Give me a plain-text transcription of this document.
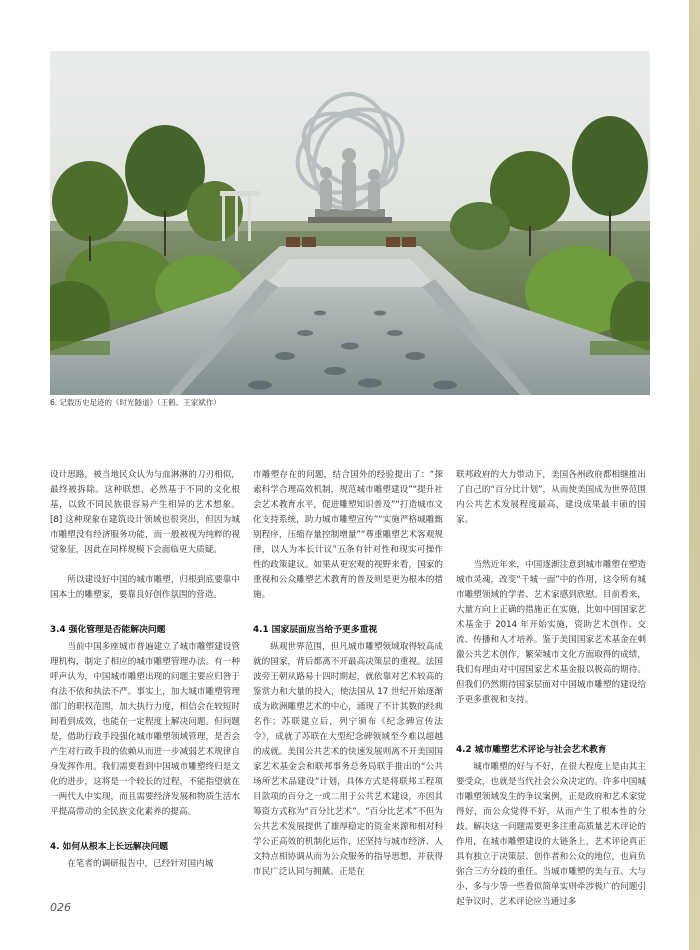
6. 记载历史足迹的《时光隧道》（王鹤、王家斌作）

设计思路，被当地民众认为与血淋淋的刀刃相似，最终被拆除。这种联想，必然基于不同的文化根基，以致不同民族很容易产生相异的艺术想象。[8] 这种现象在建筑设计领域也很突出，但因为城市雕塑没有经济服务功能，而一般被视为纯粹的视觉象征，因此在同样规模下会面临更大质疑。

所以建设好中国的城市雕塑，归根到底要靠中国本土的雕塑家，要靠良好创作氛围的营造。

3.4 强化管理是否能解决问题

当前中国多座城市普遍建立了城市雕塑建设管理机构，制定了相应的城市雕塑管理办法。有一种呼声认为，中国城市雕塑出现的问题主要应归咎于有法不依和执法不严。事实上，加大城市雕塑管理部门的职权范围，加大执行力度，相信会在较短时间看到成效，也能在一定程度上解决问题。但问题是，借助行政手段强化城市雕塑领域管理，是否会产生对行政手段的依赖从而进一步减弱艺术规律自身发挥作用。我们需要看到中国城市雕塑终归是文化的进步，这将是一个较长的过程，不能指望就在一两代人中实现，而且需要经济发展和物质生活水平提高带动的全民族文化素养的提高。

4. 如何从根本上长远解决问题

在笔者的调研报告中，已经针对国内城

市雕塑存在的问题，结合国外的经验提出了：“探索科学合理高效机制，规范城市雕塑建设”“提升社会艺术教育水平，促进雕塑知识普及”“打造城市文化支持系统，助力城市雕塑宣传”“实施严格城雕甄别程序，压缩存量控制增量”“尊重雕塑艺术客观规律，以人为本长计议”五条有针对性和现实可操作性的政策建议。如果从更宏观的视野来看，国家的重视和公众雕塑艺术教育的普及则是更为根本的措施。

4.1 国家层面应当给予更多重视

纵观世界范围，但凡城市雕塑领域取得较高成就的国家，背后都离不开最高决策层的重视。法国波旁王朝从路易十四时期起，就依靠对艺术较高的鉴赏力和大量的投入，使法国从 17 世纪开始逐渐成为欧洲雕塑艺术的中心，涌现了不计其数的经典名作；苏联建立后，列宁颁布《纪念碑宣传法令》，成就了苏联在大型纪念碑领域至今难以超越的成就。美国公共艺术的快速发展则离不开美国国家艺术基金会和联邦事务总务局联手推出的“公共场所艺术品建设”计划，具体方式是将联邦工程项目款项的百分之一或二用于公共艺术建设，亦因其筹资方式称为“百分比艺术”。“百分比艺术”不但为公共艺术发展提供了雄厚稳定的资金来源和相对科学公正高效的机制化运作，还坚持与城市经济、人文特点相协调从而为公众服务的指导思想，并获得市民广泛认同与拥戴。正是在

联邦政府的大力带动下，美国各州政府都相继推出了自己的“百分比计划”，从而使美国成为世界范围内公共艺术发展程度最高，建设成果最丰硕的国家。

当然近年来，中国逐渐注意到城市雕塑在塑造城市灵魂，改变“千城一面”中的作用，这令所有城市雕塑领域的学者、艺术家感到欣慰。目前看来，大量方向上正确的措施正在实施，比如中国国家艺术基金于 2014 年开始实施，资助艺术创作、交流、传播和人才培养。鉴于美国国家艺术基金在刺激公共艺术创作，繁荣城市文化方面取得的成绩，我们有理由对中国国家艺术基金报以极高的期待。但我们仍然期待国家层面对中国城市雕塑的建设给予更多重视和支持。

4.2 城市雕塑艺术评论与社会艺术教育

城市雕塑的好与不好，在很大程度上是由其主要受众，也就是当代社会公众决定的。许多中国城市雕塑领域发生的争议案例，正是政府和艺术家觉得好，而公众觉得不好，从而产生了根本性的分歧。解决这一问题需要更多注重高质量艺术评论的作用，在城市雕塑建设的大链条上，艺术评论真正具有独立于决策层、创作者和公众的地位，也肩负弥合三方分歧的重任。当城市雕塑的美与丑、大与小、多与少等一些看似简单实则牵涉极广的问题引起争议时，艺术评论应当通过多

026
